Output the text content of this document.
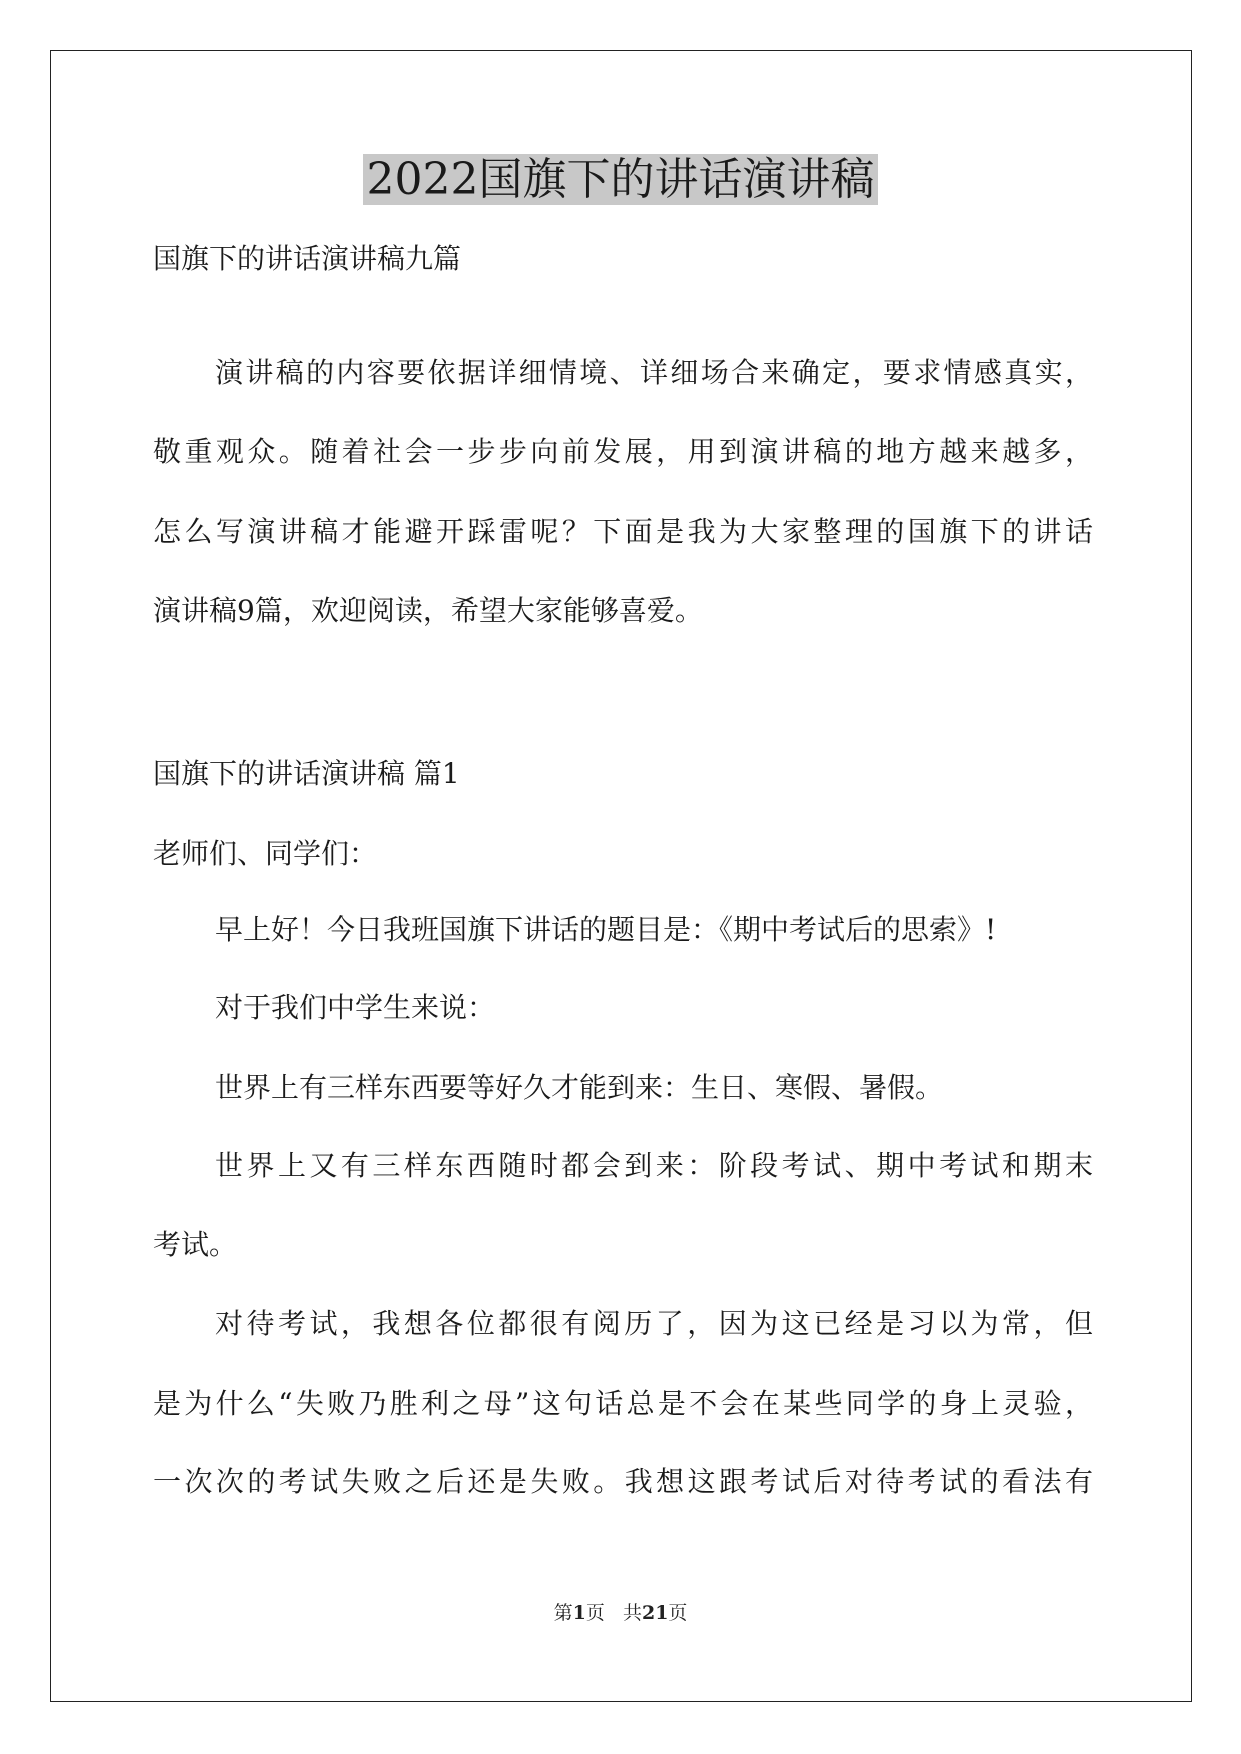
2022国旗下的讲话演讲稿
国旗下的讲话演讲稿九篇
演讲稿的内容要依据详细情境、详细场合来确定，要求情感真实，
敬重观众。随着社会一步步向前发展，用到演讲稿的地方越来越多，
怎么写演讲稿才能避开踩雷呢？下面是我为大家整理的国旗下的讲话
演讲稿9篇，欢迎阅读，希望大家能够喜爱。
国旗下的讲话演讲稿 篇1
老师们、同学们：
早上好！今日我班国旗下讲话的题目是：《期中考试后的思索》!
对于我们中学生来说：
世界上有三样东西要等好久才能到来：生日、寒假、暑假。
世界上又有三样东西随时都会到来：阶段考试、期中考试和期末
考试。
对待考试，我想各位都很有阅历了，因为这已经是习以为常，但
是为什么“失败乃胜利之母”这句话总是不会在某些同学的身上灵验，
一次次的考试失败之后还是失败。我想这跟考试后对待考试的看法有
第1页 共21页
